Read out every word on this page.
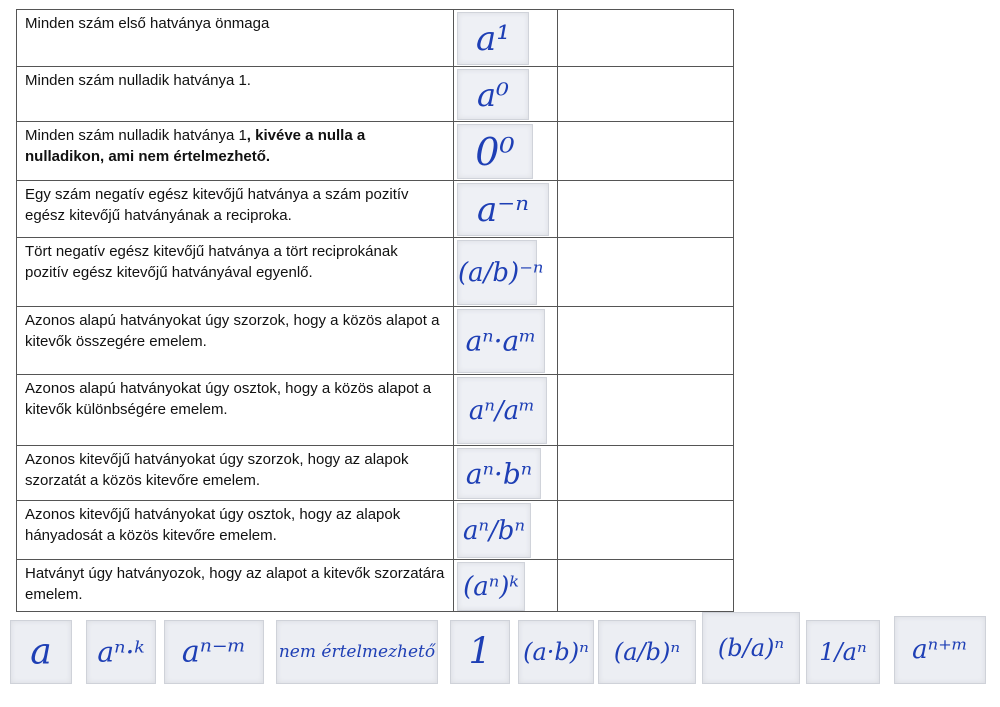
Minden szám első hatványa önmaga	a¹
Minden szám nulladik hatványa 1.	a⁰
Minden szám nulladik hatványa 1, kivéve a nulla a nulladikon, ami nem értelmezhető.	0⁰
Egy szám negatív egész kitevőjű hatványa a szám pozitív egész kitevőjű hatványának a reciproka.	a⁻ⁿ
Tört negatív egész kitevőjű hatványa a tört reciprokának pozitív egész kitevőjű hatványával egyenlő.	(a/b)⁻ⁿ
Azonos alapú hatványokat úgy szorzok, hogy a közös alapot a kitevők összegére emelem.	aⁿ·aᵐ
Azonos alapú hatványokat úgy osztok, hogy a közös alapot a kitevők különbségére emelem.	aⁿ/aᵐ
Azonos kitevőjű hatványokat úgy szorzok, hogy az alapok szorzatát a közös kitevőre emelem.	aⁿ·bⁿ
Azonos kitevőjű hatványokat úgy osztok, hogy az alapok hányadosát a közös kitevőre emelem.	aⁿ/bⁿ
Hatványt úgy hatványozok, hogy az alapot a kitevők szorzatára emelem.	(aⁿ)ᵏ
a	aⁿ·ᵏ	aⁿ⁻ᵐ	nem értelmezhető 1	(a·b)ⁿ	(a/b)ⁿ	(b/a)ⁿ	1/aⁿ	aⁿ⁺ᵐ
